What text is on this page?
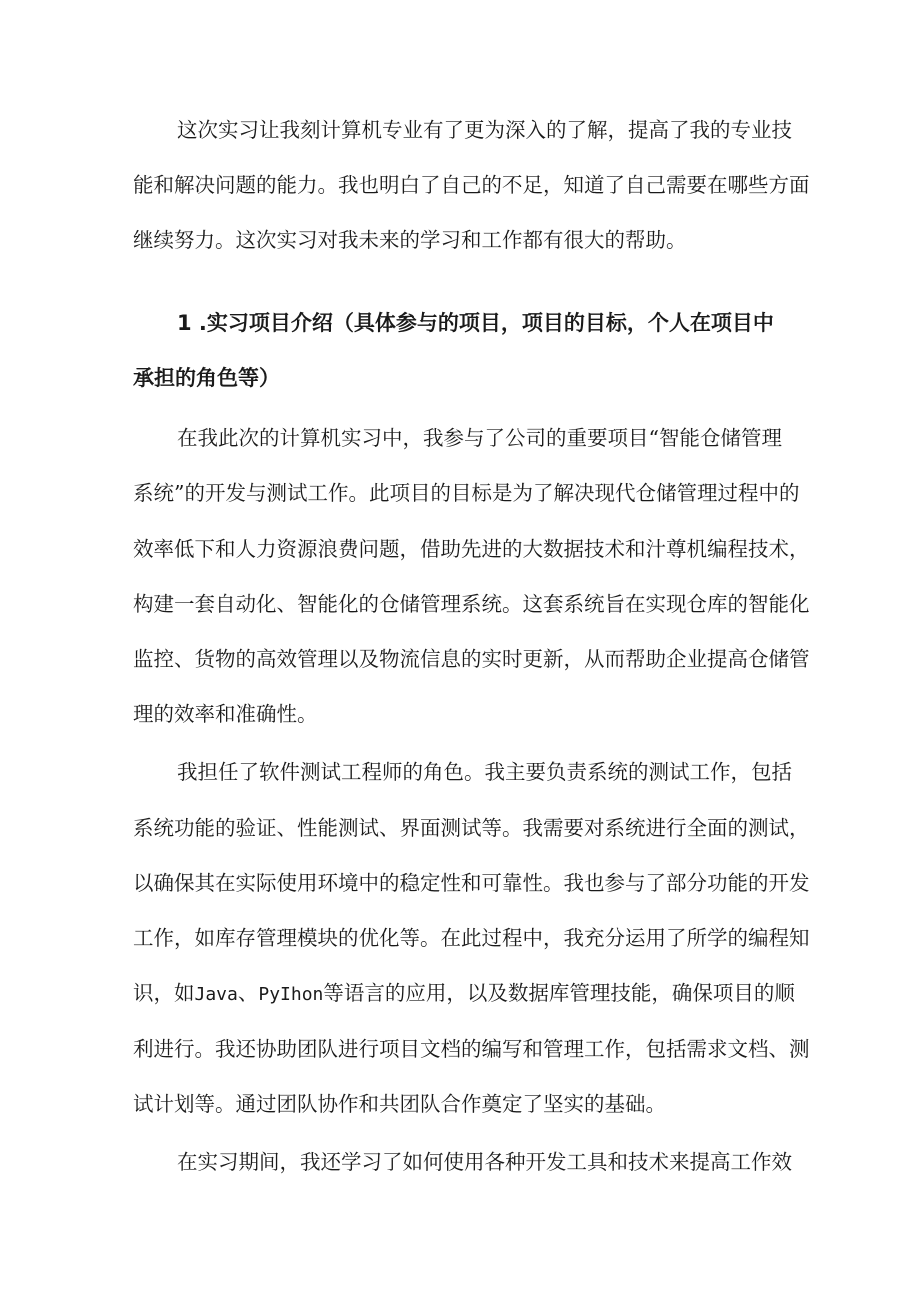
这次实习让我刻计算机专业有了更为深入的了解，提高了我的专业技
能和解决问题的能力。我也明白了自己的不足，知道了自己需要在哪些方面
继续努力。这次实习对我未来的学习和工作都有很大的帮助。
1 .实习项目介绍（具体参与的项目，项目的目标，个人在项目中
承担的角色等）
在我此次的计算机实习中，我参与了公司的重要项目“智能仓储管理
系统”的开发与测试工作。此项目的目标是为了解决现代仓储管理过程中的
效率低下和人力资源浪费问题，借助先进的大数据技术和汁尊机编程技术，
构建一套自动化、智能化的仓储管理系统。这套系统旨在实现仓库的智能化
监控、货物的高效管理以及物流信息的实时更新，从而帮助企业提高仓储管
理的效率和准确性。
我担任了软件测试工程师的角色。我主要负责系统的测试工作，包括
系统功能的验证、性能测试、界面测试等。我需要对系统进行全面的测试，
以确保其在实际使用环境中的稳定性和可靠性。我也参与了部分功能的开发
工作，如库存管理模块的优化等。在此过程中，我充分运用了所学的编程知
识，如Java、PyIhon等语言的应用，以及数据库管理技能，确保项目的顺
利进行。我还协助团队进行项目文档的编写和管理工作，包括需求文档、测
试计划等。通过团队协作和共团队合作奠定了坚实的基础。
在实习期间，我还学习了如何使用各种开发工具和技术来提高工作效
